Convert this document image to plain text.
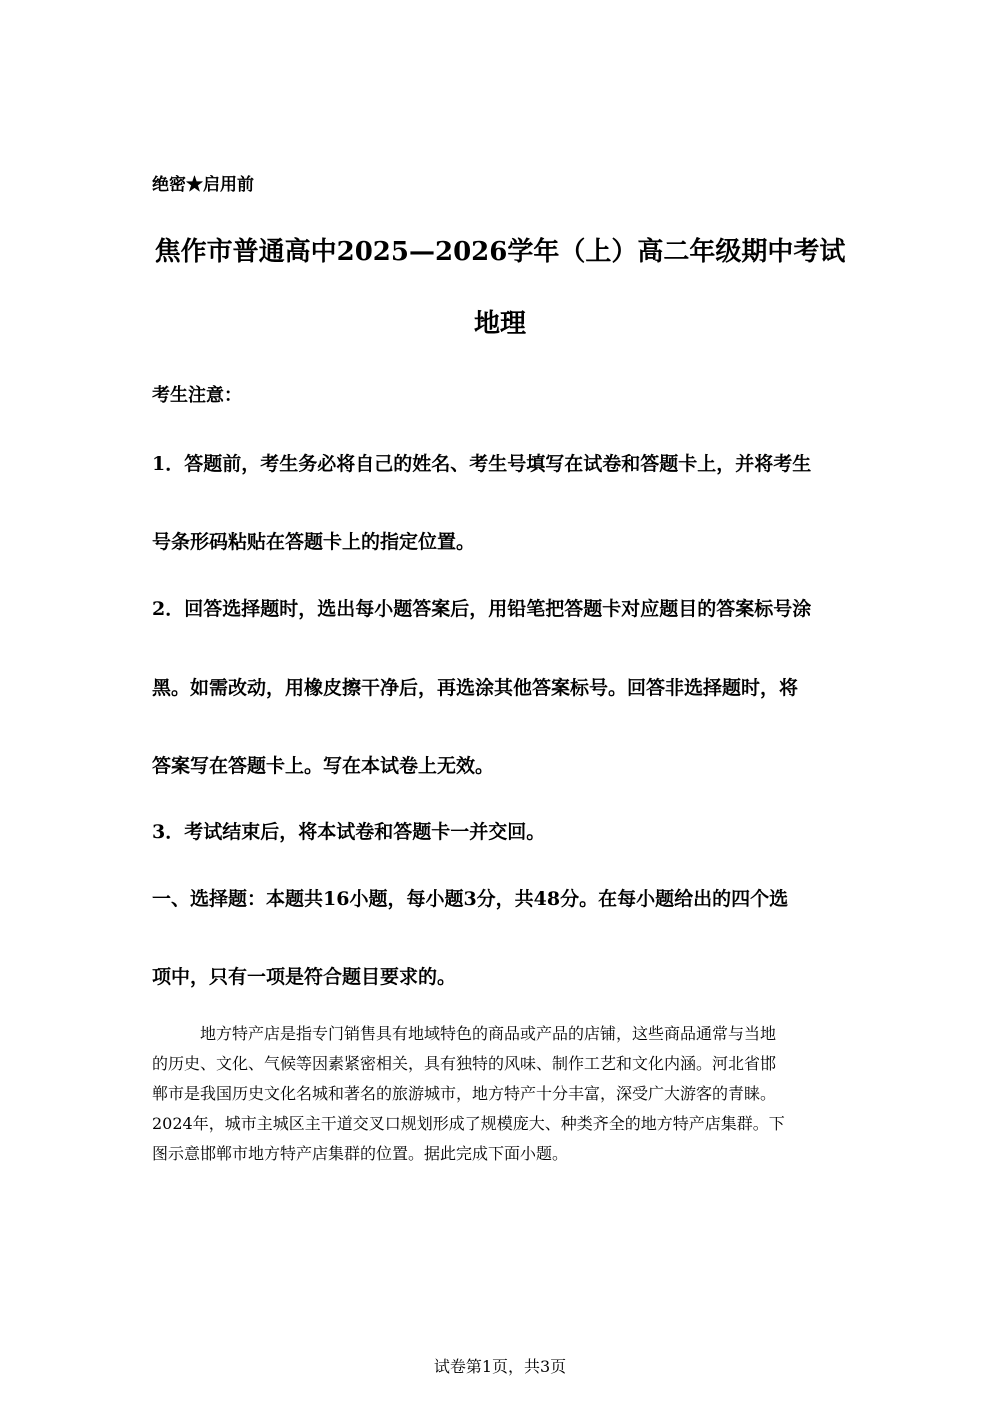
绝密★启用前
焦作市普通高中2025—2026学年（上）高二年级期中考试
地理
考生注意：
1．答题前，考生务必将自己的姓名、考生号填写在试卷和答题卡上，并将考生
号条形码粘贴在答题卡上的指定位置。
2．回答选择题时，选出每小题答案后，用铅笔把答题卡对应题目的答案标号涂
黑。如需改动，用橡皮擦干净后，再选涂其他答案标号。回答非选择题时，将
答案写在答题卡上。写在本试卷上无效。
3．考试结束后，将本试卷和答题卡一并交回。
一、选择题：本题共16小题，每小题3分，共48分。在每小题给出的四个选
项中，只有一项是符合题目要求的。
地方特产店是指专门销售具有地域特色的商品或产品的店铺，这些商品通常与当地
的历史、文化、气候等因素紧密相关，具有独特的风味、制作工艺和文化内涵。河北省邯
郸市是我国历史文化名城和著名的旅游城市，地方特产十分丰富，深受广大游客的青睐。
2024年，城市主城区主干道交叉口规划形成了规模庞大、种类齐全的地方特产店集群。下
图示意邯郸市地方特产店集群的位置。据此完成下面小题。
试卷第1页，共3页
